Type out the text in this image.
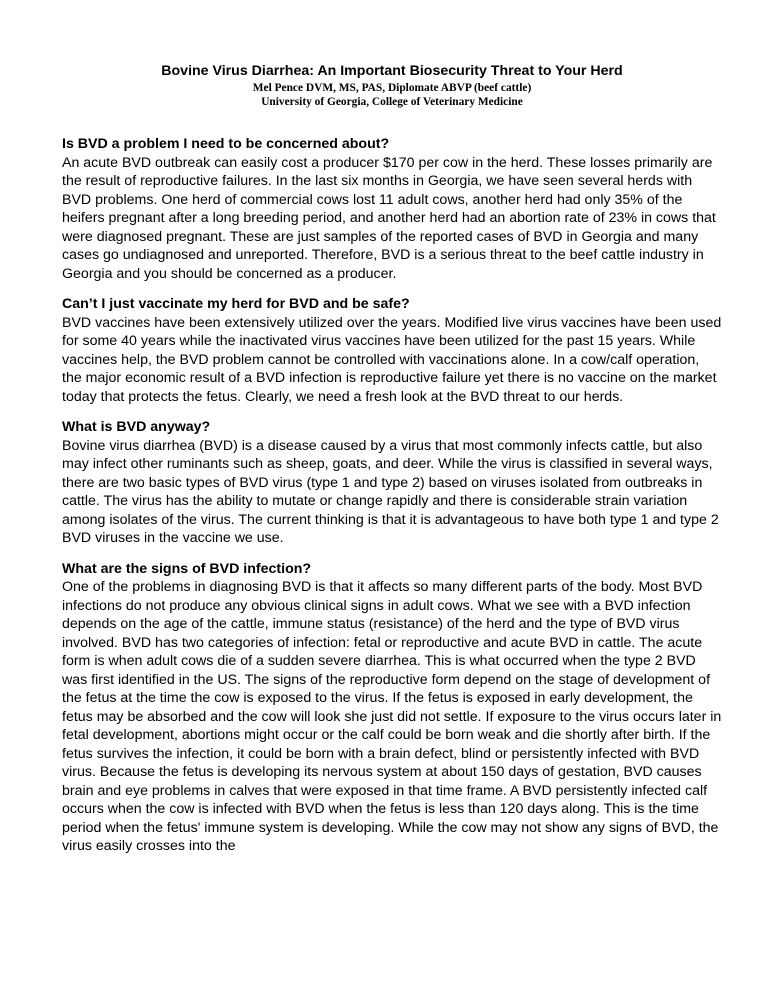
Bovine Virus Diarrhea: An Important Biosecurity Threat to Your Herd

Mel Pence DVM, MS, PAS, Diplomate ABVP (beef cattle)

University of Georgia, College of Veterinary Medicine

Is BVD a problem I need to be concerned about?

An acute BVD outbreak can easily cost a producer $170 per cow in the herd. These losses primarily are the result of reproductive failures. In the last six months in Georgia, we have seen several herds with BVD problems. One herd of commercial cows lost 11 adult cows, another herd had only 35% of the heifers pregnant after a long breeding period, and another herd had an abortion rate of 23% in cows that were diagnosed pregnant. These are just samples of the reported cases of BVD in Georgia and many cases go undiagnosed and unreported. Therefore, BVD is a serious threat to the beef cattle industry in Georgia and you should be concerned as a producer.

Can’t I just vaccinate my herd for BVD and be safe?

BVD vaccines have been extensively utilized over the years. Modified live virus vaccines have been used for some 40 years while the inactivated virus vaccines have been utilized for the past 15 years. While vaccines help, the BVD problem cannot be controlled with vaccinations alone. In a cow/calf operation, the major economic result of a BVD infection is reproductive failure yet there is no vaccine on the market today that protects the fetus. Clearly, we need a fresh look at the BVD threat to our herds.

What is BVD anyway?

Bovine virus diarrhea (BVD) is a disease caused by a virus that most commonly infects cattle, but also may infect other ruminants such as sheep, goats, and deer. While the virus is classified in several ways, there are two basic types of BVD virus (type 1 and type 2) based on viruses isolated from outbreaks in cattle. The virus has the ability to mutate or change rapidly and there is considerable strain variation among isolates of the virus. The current thinking is that it is advantageous to have both type 1 and type 2 BVD viruses in the vaccine we use.

What are the signs of BVD infection?

One of the problems in diagnosing BVD is that it affects so many different parts of the body. Most BVD infections do not produce any obvious clinical signs in adult cows. What we see with a BVD infection depends on the age of the cattle, immune status (resistance) of the herd and the type of BVD virus involved. BVD has two categories of infection: fetal or reproductive and acute BVD in cattle. The acute form is when adult cows die of a sudden severe diarrhea. This is what occurred when the type 2 BVD was first identified in the US. The signs of the reproductive form depend on the stage of development of the fetus at the time the cow is exposed to the virus. If the fetus is exposed in early development, the fetus may be absorbed and the cow will look she just did not settle. If exposure to the virus occurs later in fetal development, abortions might occur or the calf could be born weak and die shortly after birth. If the fetus survives the infection, it could be born with a brain defect, blind or persistently infected with BVD virus. Because the fetus is developing its nervous system at about 150 days of gestation, BVD causes brain and eye problems in calves that were exposed in that time frame. A BVD persistently infected calf occurs when the cow is infected with BVD when the fetus is less than 120 days along. This is the time period when the fetus' immune system is developing. While the cow may not show any signs of BVD, the virus easily crosses into the
